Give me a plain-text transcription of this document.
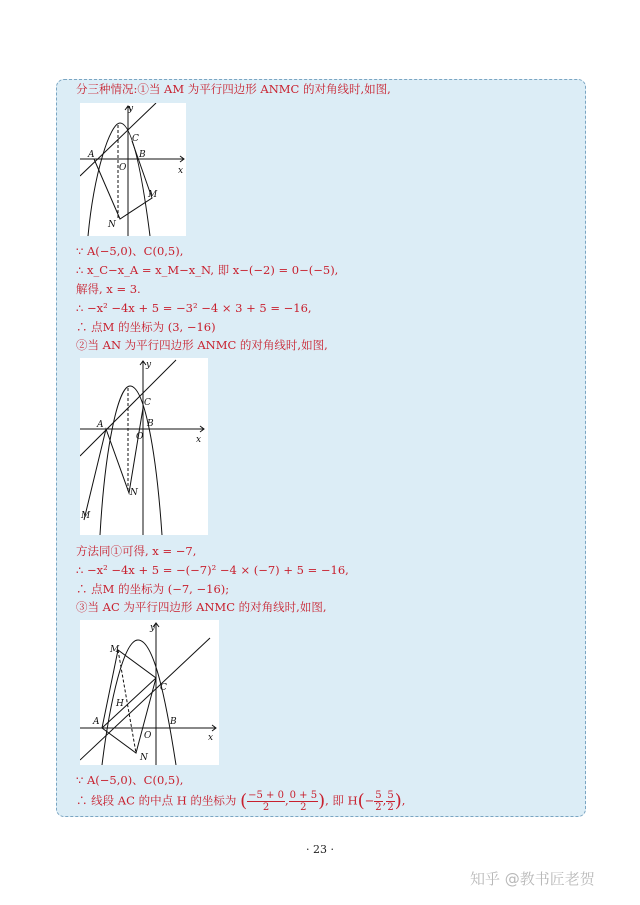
分三种情况:①当 AM 为平行四边形 ANMC 的对角线时,如图,
y
x
A	B
C
O
M
N
∵ A(−5,0)、C(0,5),
∴ x_C−x_A = x_M−x_N, 即 x−(−2) = 0−(−5),
解得, x = 3.
∴ −x² −4x + 5 = −3² −4 × 3 + 5 = −16,
∴ 点M 的坐标为 (3, −16)
②当 AN 为平行四边形 ANMC 的对角线时,如图,
y
x
A	B
C
O
M
N
方法同①可得, x = −7,
∴ −x² −4x + 5 = −(−7)² −4 × (−7) + 5 = −16,
∴ 点M 的坐标为 (−7, −16);
③当 AC 为平行四边形 ANMC 的对角线时,如图,
y
x
A	B
C
O
M
N
H
∵ A(−5,0)、C(0,5),
∴ 线段 AC 的中点 H 的坐标为 ( $\frac{-5 + 0}{2}$ , $\frac{0 + 5}{2}$ ), 即 $H(- \frac{5}{2}$ , $\frac{5}{2}$ ),
· 23 ·
知乎 @教书匠老贺
